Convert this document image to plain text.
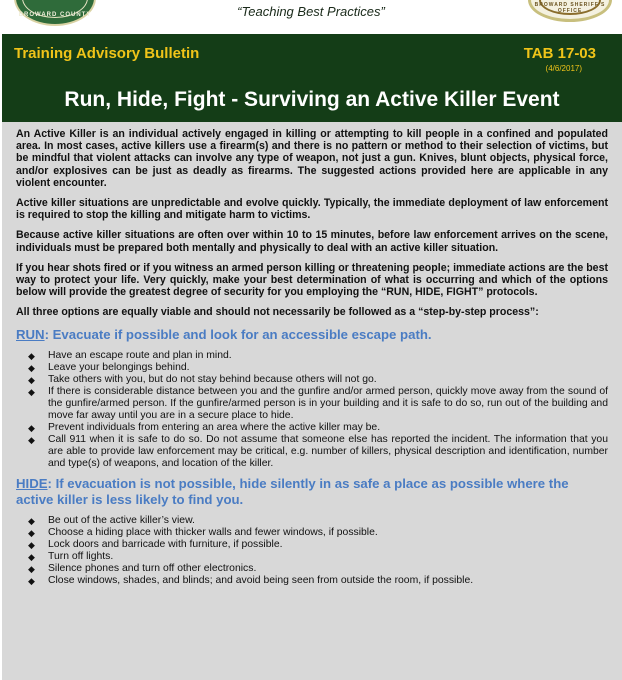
BROWARD COUNTY	“Teaching Best Practices”	BROWARD SHERIFF'S OFFICE
Training Advisory Bulletin	TAB 17-03
(4/6/2017)
Run, Hide, Fight - Surviving an Active Killer Event

An Active Killer is an individual actively engaged in killing or attempting to kill people in a confined and populated area. In most cases, active killers use a firearm(s) and there is no pattern or method to their selection of victims, but be mindful that violent attacks can involve any type of weapon, not just a gun. Knives, blunt objects, physical force, and/or explosives can be just as deadly as firearms. The suggested actions provided here are applicable in any violent encounter.

Active killer situations are unpredictable and evolve quickly. Typically, the immediate deployment of law enforcement is required to stop the killing and mitigate harm to victims.

Because active killer situations are often over within 10 to 15 minutes, before law enforcement arrives on the scene, individuals must be prepared both mentally and physically to deal with an active killer situation.

If you hear shots fired or if you witness an armed person killing or threatening people; immediate actions are the best way to protect your life. Very quickly, make your best determination of what is occurring and which of the options below will provide the greatest degree of security for you employing the “RUN, HIDE, FIGHT” protocols.

All three options are equally viable and should not necessarily be followed as a “step-by-step process”:

RUN: Evacuate if possible and look for an accessible escape path.
◆ Have an escape route and plan in mind.
◆ Leave your belongings behind.
◆ Take others with you, but do not stay behind because others will not go.
◆ If there is considerable distance between you and the gunfire and/or armed person, quickly move away from the sound of the gunfire/armed person. If the gunfire/armed person is in your building and it is safe to do so, run out of the building and move far away until you are in a secure place to hide.
◆ Prevent individuals from entering an area where the active killer may be.
◆ Call 911 when it is safe to do so. Do not assume that someone else has reported the incident. The information that you are able to provide law enforcement may be critical, e.g. number of killers, physical description and identification, number and type(s) of weapons, and location of the killer.
HIDE: If evacuation is not possible, hide silently in as safe a place as possible where the active killer is less likely to find you.
◆ Be out of the active killer’s view.
◆ Choose a hiding place with thicker walls and fewer windows, if possible.
◆ Lock doors and barricade with furniture, if possible.
◆ Turn off lights.
◆ Silence phones and turn off other electronics.
◆ Close windows, shades, and blinds; and avoid being seen from outside the room, if possible.
